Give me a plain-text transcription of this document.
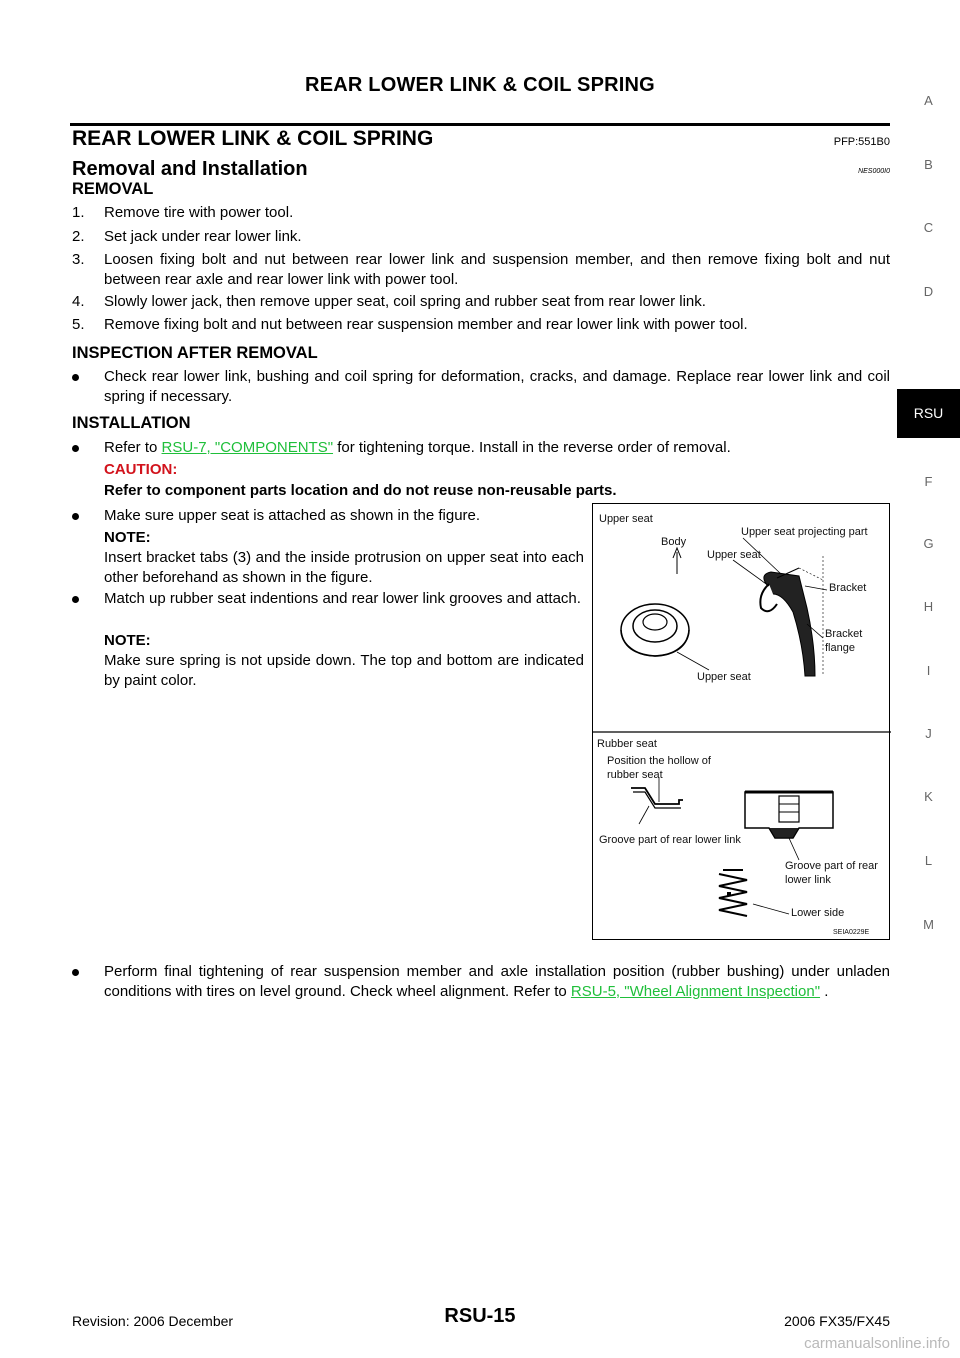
REAR LOWER LINK & COIL SPRING
REAR LOWER LINK & COIL SPRING	PFP:551B0
Removal and Installation	NES000I0
REMOVAL
1. Remove tire with power tool.
2. Set jack under rear lower link.
3. Loosen fixing bolt and nut between rear lower link and suspension member, and then remove fixing bolt and nut between rear axle and rear lower link with power tool.
4. Slowly lower jack, then remove upper seat, coil spring and rubber seat from rear lower link.
5. Remove fixing bolt and nut between rear suspension member and rear lower link with power tool.
INSPECTION AFTER REMOVAL
Check rear lower link, bushing and coil spring for deformation, cracks, and damage. Replace rear lower link and coil spring if necessary.
INSTALLATION
Refer to RSU-7, "COMPONENTS" for tightening torque. Install in the reverse order of removal.
CAUTION:
Refer to component parts location and do not reuse non-reusable parts.
Make sure upper seat is attached as shown in the figure.
NOTE:
Insert bracket tabs (3) and the inside protrusion on upper seat into each other beforehand as shown in the figure.
Match up rubber seat indentions and rear lower link grooves and attach.
NOTE:
Make sure spring is not upside down. The top and bottom are indicated by paint color.
Upper seat
Body
Upper seat projecting part
Upper seat
Bracket
Bracket
flange
Upper seat
Rubber seat
Position the hollow of
rubber seat
Groove part of rear lower link
Groove part of rear
lower link
Lower side
SEIA0229E
Perform final tightening of rear suspension member and axle installation position (rubber bushing) under unladen conditions with tires on level ground. Check wheel alignment. Refer to RSU-5, "Wheel Alignment Inspection" .
A
B
C
D
RSU
F
G
H
I
J
K
L
M
Revision: 2006 December	RSU-15	2006 FX35/FX45
carmanualsonline.info
